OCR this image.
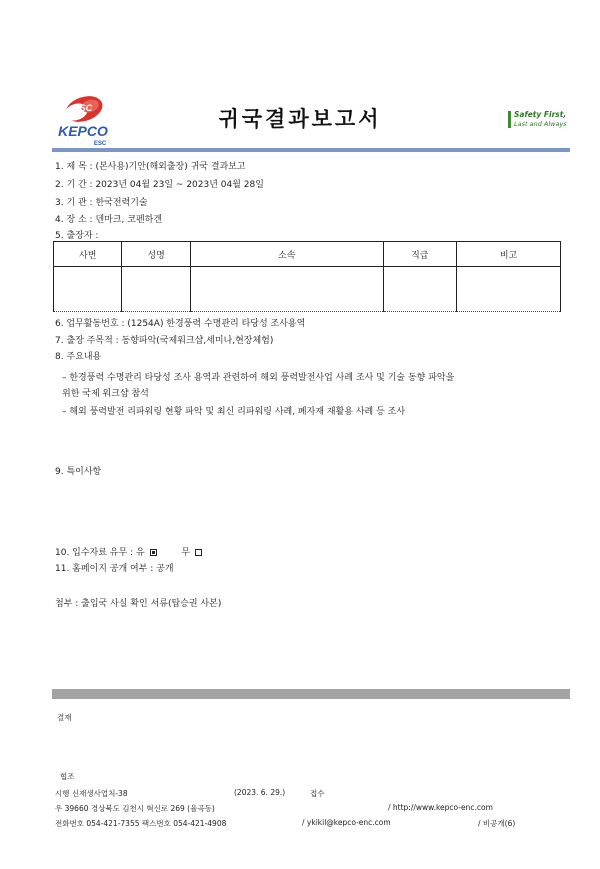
ESC
KEPCO
ESC
귀국결과보고서	Safety First,
Last and Always
1. 제 목 : (본사용)기안(해외출장) 귀국 결과보고
2. 기 간 : 2023년 04월 23일 ~ 2023년 04월 28일
3. 기 관 : 한국전력기술
4. 장 소 : 덴마크, 코펜하겐
5. 출장자 :
사번	성명	소속	직급	비고

6. 업무활동번호 : (1254A) 한경풍력 수명관리 타당성 조사용역
7. 출장 주목적 : 동향파악(국제워크샵,세미나,현장체험)
8. 주요내용
– 한경풍력 수명관리 타당성 조사 용역과 관련하여 해외 풍력발전사업 사례 조사 및 기술 동향 파악을
위한 국제 워크샵 참석
– 해외 풍력발전 리파워링 현황 파악 및 최신 리파워링 사례, 폐자재 재활용 사례 등 조사
9. 특이사항
10. 입수자료 유무 : 유	무
11. 홈페이지 공개 여부 : 공개
첨부 : 출입국 사실 확인 서류(탑승권 사본)
결재
협조
시행 신재생사업처-38	(2023. 6. 29.)	접수
우 39660 경상북도 김천시 혁신로 269 (율곡동)	/ http://www.kepco-enc.com
전화번호 054-421-7355 팩스번호 054-421-4908	/ ykikil@kepco-enc.com	/ 비공개(6)
